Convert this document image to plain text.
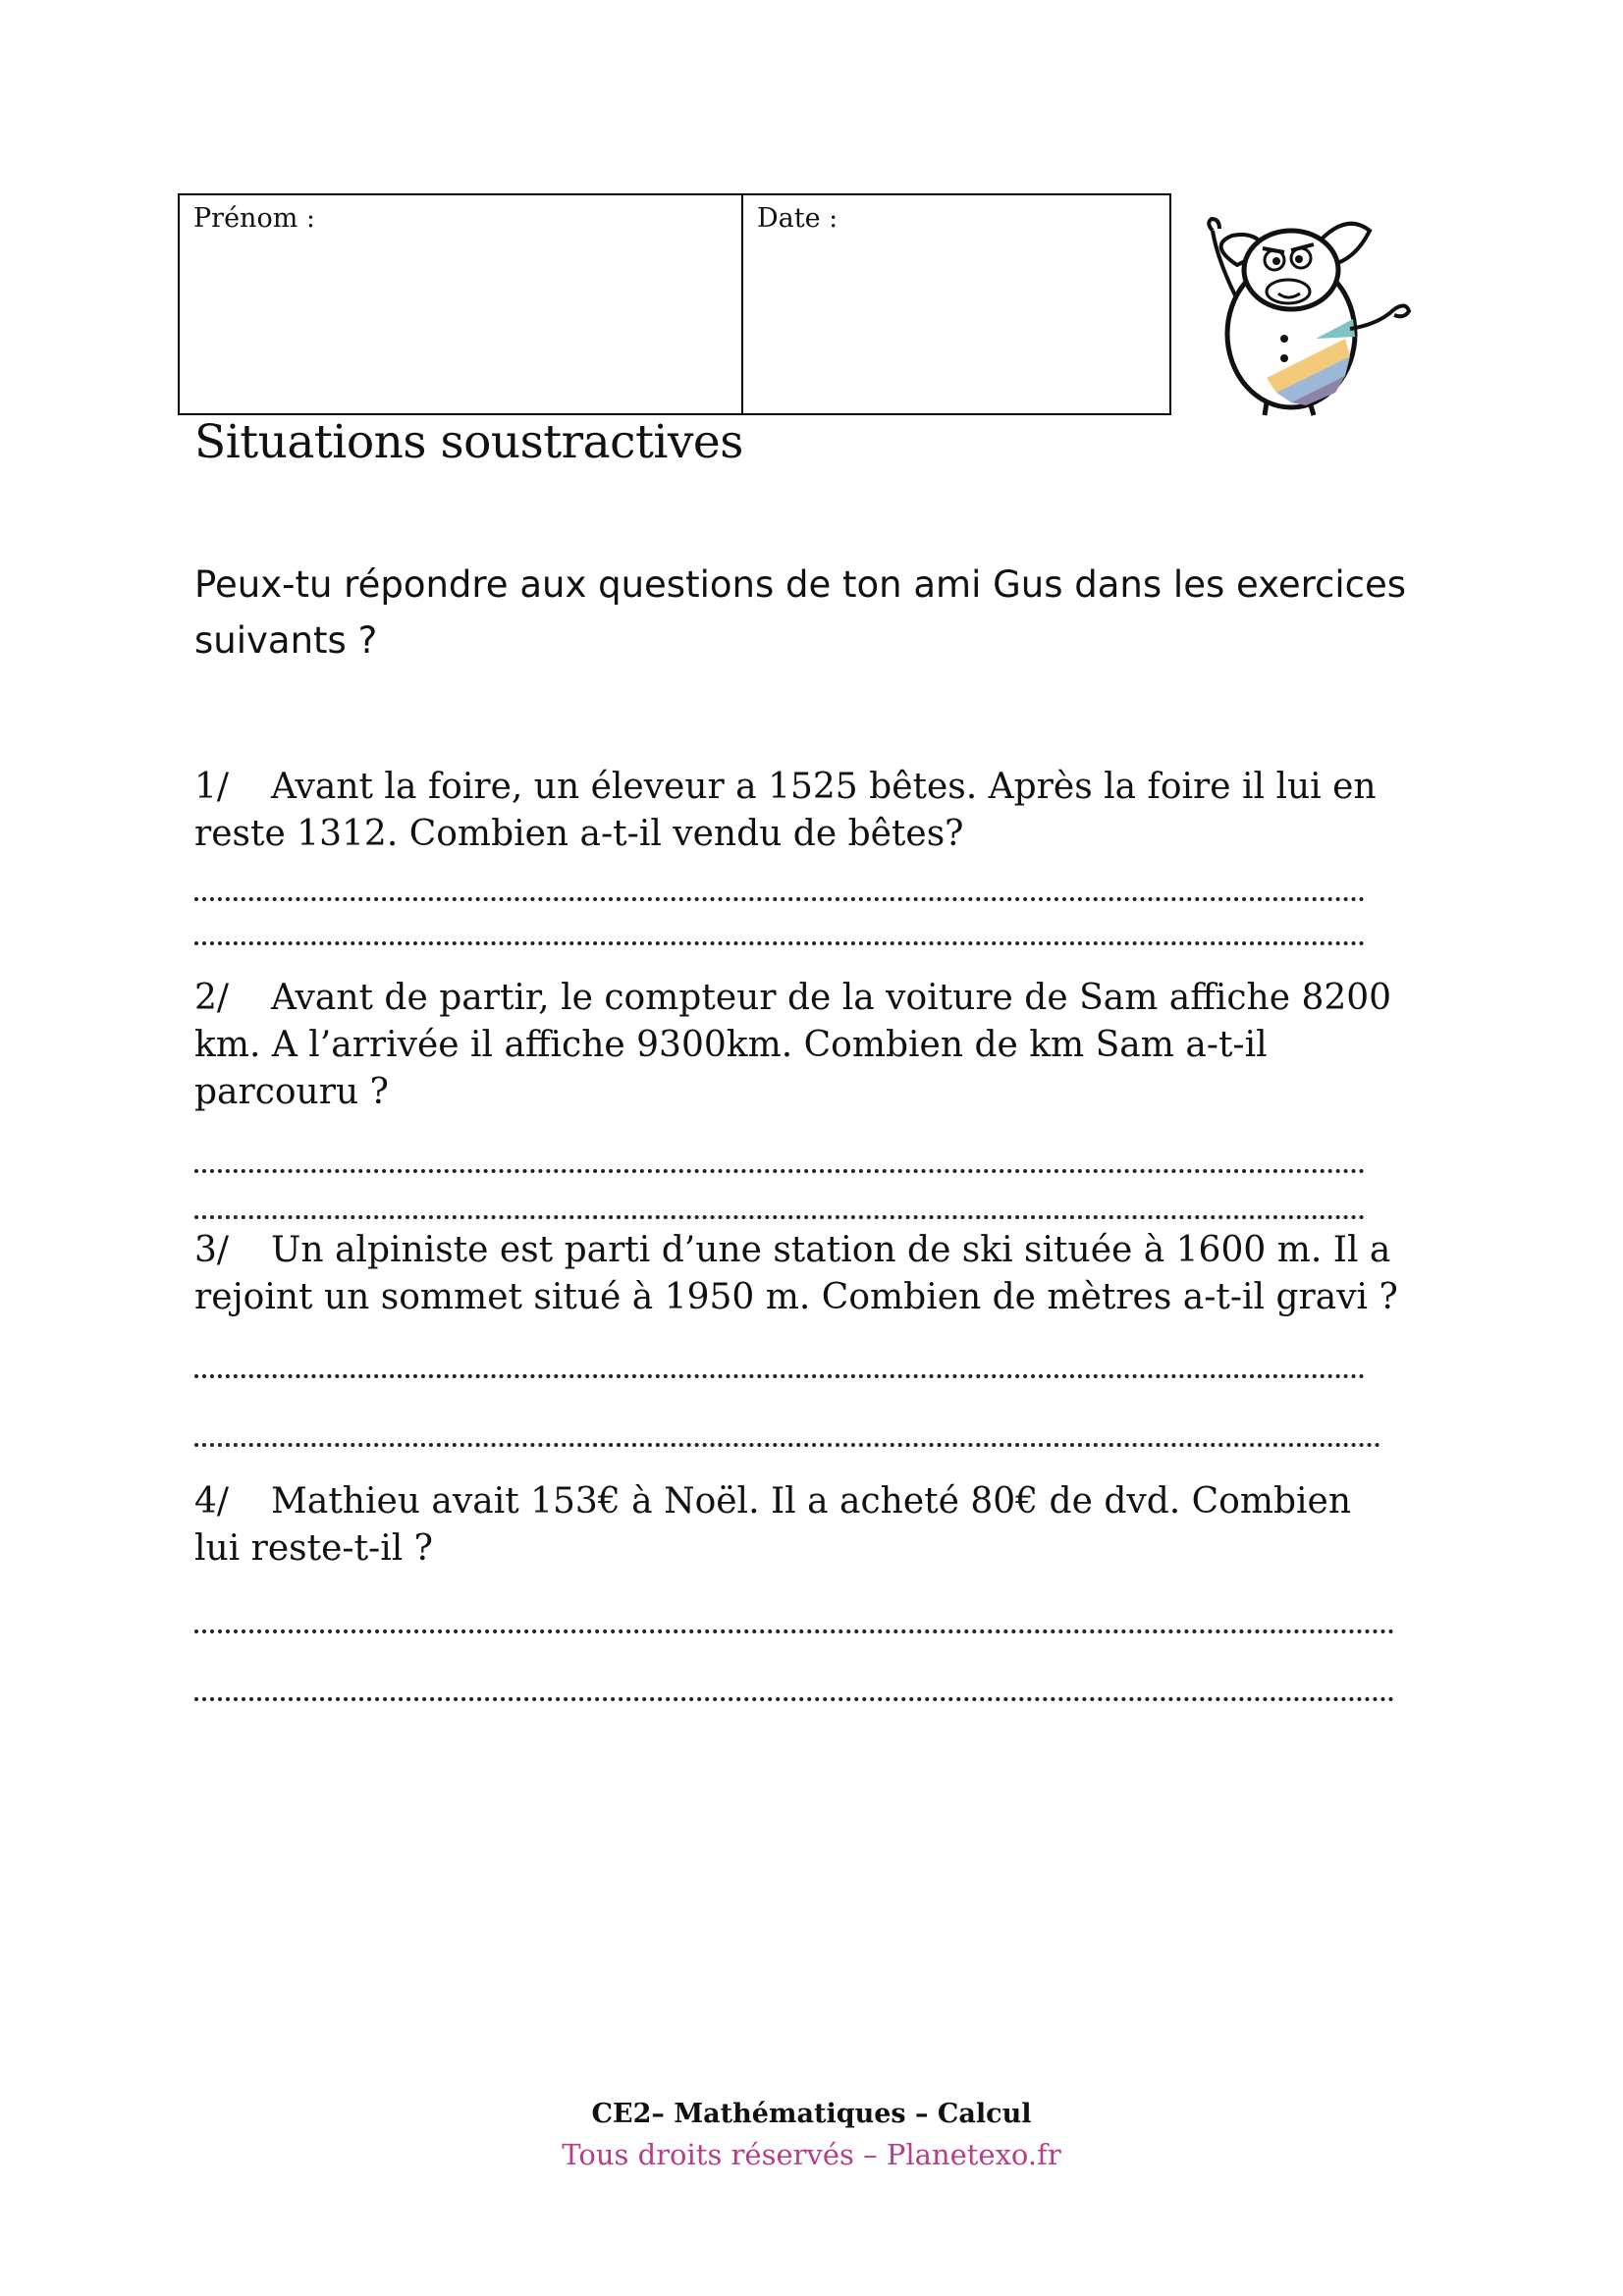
Prénom :	Date :
Situations soustractives

Peux-tu répondre aux questions de ton ami Gus dans les exercices suivants ?

1/ Avant la foire, un éleveur a 1525 bêtes. Après la foire il lui en reste 1312. Combien a-t-il vendu de bêtes?

2/ Avant de partir, le compteur de la voiture de Sam affiche 8200 km. A l’arrivée il affiche 9300km. Combien de km Sam a-t-il parcouru ?

3/ Un alpiniste est parti d’une station de ski située à 1600 m. Il a rejoint un sommet situé à 1950 m. Combien de mètres a-t-il gravi ?

4/ Mathieu avait 153€ à Noël. Il a acheté 80€ de dvd. Combien lui reste-t-il ?

CE2– Mathématiques – Calcul
Tous droits réservés – Planetexo.fr
